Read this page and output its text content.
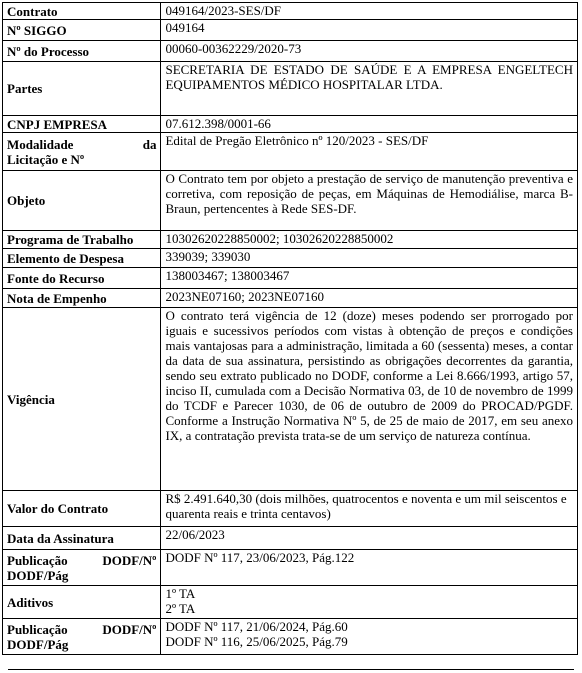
Contrato	049164/2023-SES/DF
Nº SIGGO	049164
Nº do Processo	00060-00362229/2020-73
Partes	SECRETARIA DE ESTADO DE SAÚDE E A EMPRESA ENGELTECH EQUIPAMENTOS MÉDICO HOSPITALAR LTDA.
CNPJ EMPRESA	07.612.398/0001-66

Modalidade da
Licitação e Nº	Edital de Pregão Eletrônico nº 120/2023 - SES/DF
Objeto	O Contrato tem por objeto a prestação de serviço de manutenção preventiva e corretiva, com reposição de peças, em Máquinas de Hemodiálise, marca B-Braun, pertencentes à Rede SES-DF.
Programa de Trabalho	10302620228850002; 10302620228850002
Elemento de Despesa	339039; 339030
Fonte do Recurso	138003467; 138003467
Nota de Empenho	2023NE07160; 2023NE07160
Vigência	O contrato terá vigência de 12 (doze) meses podendo ser prorrogado por iguais e sucessivos períodos com vistas à obtenção de preços e condições mais vantajosas para a administração, limitada a 60 (sessenta) meses, a contar da data de sua assinatura, persistindo as obrigações decorrentes da garantia, sendo seu extrato publicado no DODF, conforme a Lei 8.666/1993, artigo 57, inciso II, cumulada com a Decisão Normativa 03, de 10 de novembro de 1999 do TCDF e Parecer 1030, de 06 de outubro de 2009 do PROCAD/PGDF. Conforme a Instrução Normativa Nº 5, de 25 de maio de 2017, em seu anexo IX, a contratação prevista trata-se de um serviço de natureza contínua.
Valor do Contrato	R$ 2.491.640,30 (dois milhões, quatrocentos e noventa e um mil seiscentos e quarenta reais e trinta centavos)
Data da Assinatura	22/06/2023

Publicação DODF/Nº
DODF/Pág	DODF Nº 117, 23/06/2023, Pág.122
Aditivos	1º TA
2º TA

Publicação DODF/Nº
DODF/Pág	DODF Nº 117, 21/06/2024, Pág.60
DODF Nº 116, 25/06/2025, Pág.79
